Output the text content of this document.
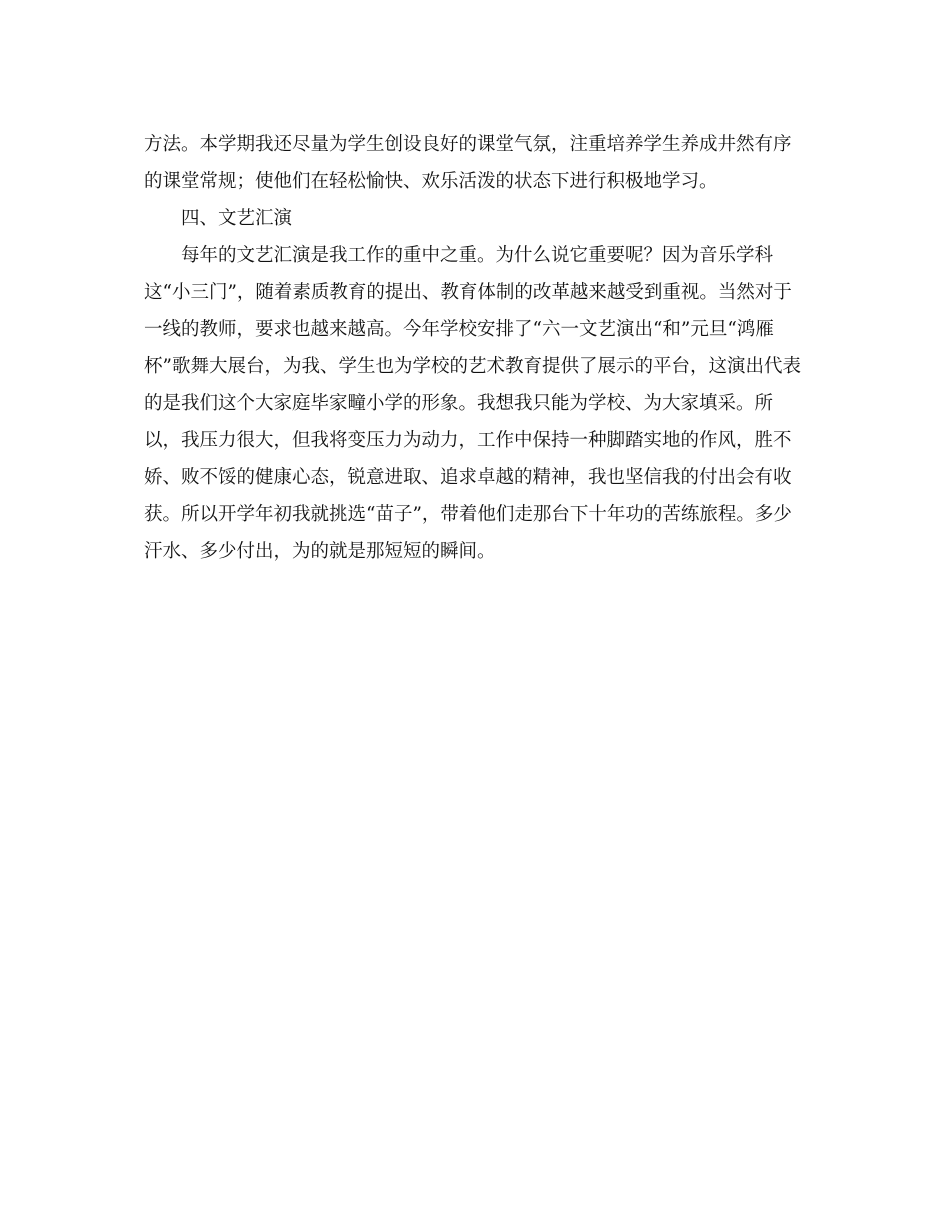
方法。本学期我还尽量为学生创设良好的课堂气氛，注重培养学生养成井然有序
的课堂常规；使他们在轻松愉快、欢乐活泼的状态下进行积极地学习。
四、文艺汇演
每年的文艺汇演是我工作的重中之重。为什么说它重要呢？因为音乐学科
这“小三门”，随着素质教育的提出、教育体制的改革越来越受到重视。当然对于
一线的教师，要求也越来越高。今年学校安排了“六一文艺演出“和”元旦“鸿雁
杯”歌舞大展台，为我、学生也为学校的艺术教育提供了展示的平台，这演出代表
的是我们这个大家庭毕家疃小学的形象。我想我只能为学校、为大家填采。所
以，我压力很大，但我将变压力为动力，工作中保持一种脚踏实地的作风，胜不
娇、败不馁的健康心态，锐意进取、追求卓越的精神，我也坚信我的付出会有收
获。所以开学年初我就挑选“苗子”，带着他们走那台下十年功的苦练旅程。多少
汗水、多少付出，为的就是那短短的瞬间。
